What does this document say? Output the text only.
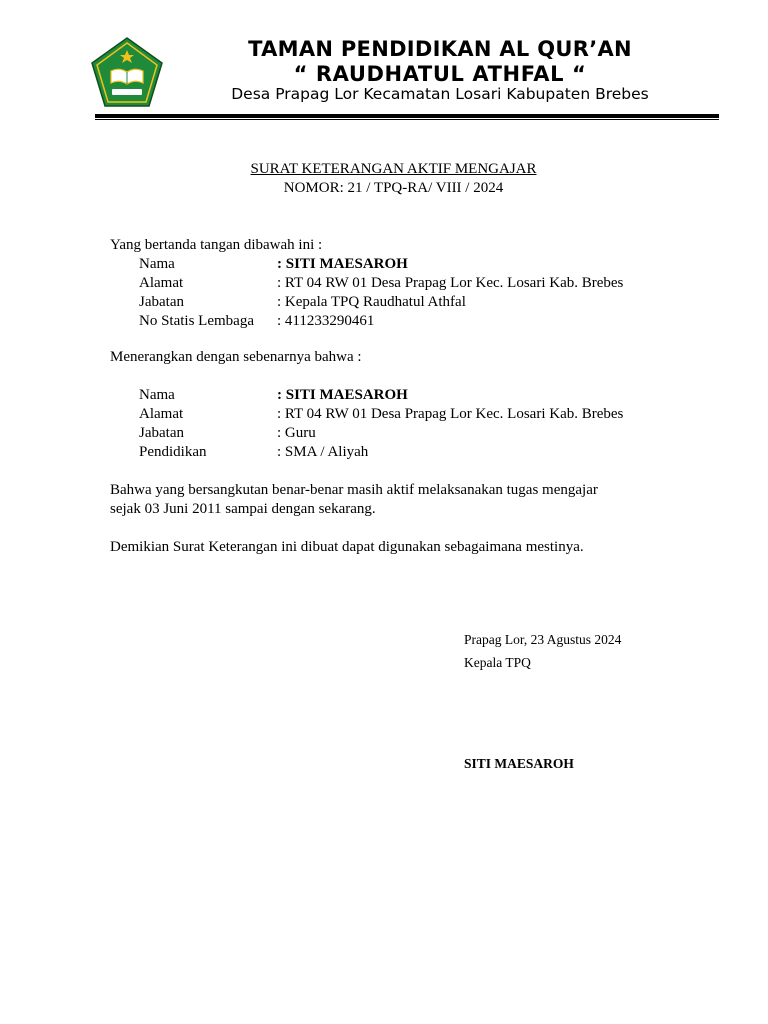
TAMAN PENDIDIKAN AL QUR’AN
“ RAUDHATUL ATHFAL “
Desa Prapag Lor Kecamatan Losari Kabupaten Brebes
SURAT KETERANGAN AKTIF MENGAJAR
NOMOR: 21 / TPQ-RA/ VIII / 2024
Yang bertanda tangan dibawah ini :
Nama	: SITI MAESAROH
Alamat	: RT 04 RW 01 Desa Prapag Lor Kec. Losari Kab. Brebes
Jabatan	: Kepala TPQ Raudhatul Athfal
No Statis Lembaga : 411233290461
Menerangkan dengan sebenarnya bahwa :
Nama	: SITI MAESAROH
Alamat	: RT 04 RW 01 Desa Prapag Lor Kec. Losari Kab. Brebes
Jabatan	: Guru
Pendidikan	: SMA / Aliyah
Bahwa yang bersangkutan benar-benar masih aktif melaksanakan tugas mengajar
sejak 03 Juni 2011 sampai dengan sekarang.
Demikian Surat Keterangan ini dibuat dapat digunakan sebagaimana mestinya.
Prapag Lor, 23 Agustus 2024
Kepala TPQ
SITI MAESAROH
